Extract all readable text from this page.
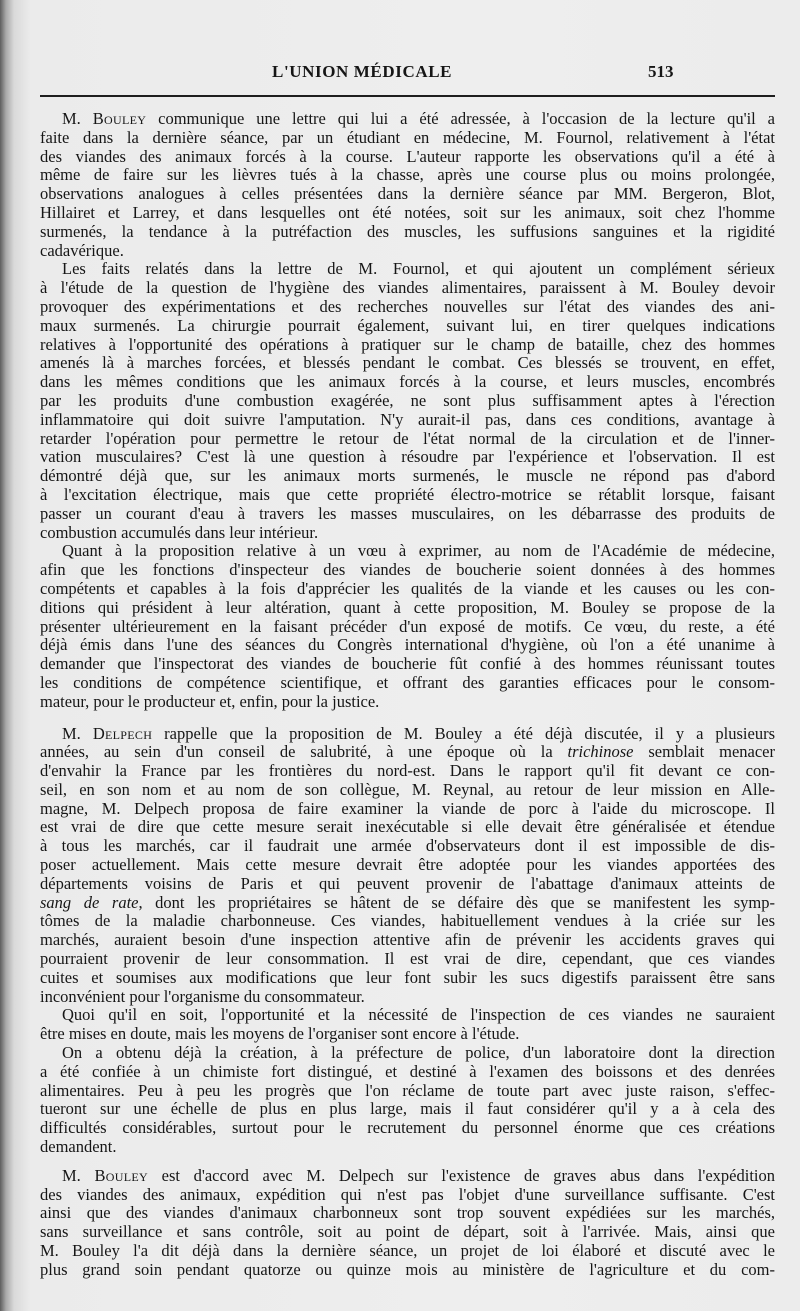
L'UNION MÉDICALE	513
M. Bouley communique une lettre qui lui a été adressée, à l'occasion de la lecture qu'il a
faite dans la dernière séance, par un étudiant en médecine, M. Fournol, relativement à l'état
des viandes des animaux forcés à la course. L'auteur rapporte les observations qu'il a été à
même de faire sur les lièvres tués à la chasse, après une course plus ou moins prolongée,
observations analogues à celles présentées dans la dernière séance par MM. Bergeron, Blot,
Hillairet et Larrey, et dans lesquelles ont été notées, soit sur les animaux, soit chez l'homme
surmenés, la tendance à la putréfaction des muscles, les suffusions sanguines et la rigidité
cadavérique.
Les faits relatés dans la lettre de M. Fournol, et qui ajoutent un complément sérieux
à l'étude de la question de l'hygiène des viandes alimentaires, paraissent à M. Bouley devoir
provoquer des expérimentations et des recherches nouvelles sur l'état des viandes des ani-
maux surmenés. La chirurgie pourrait également, suivant lui, en tirer quelques indications
relatives à l'opportunité des opérations à pratiquer sur le champ de bataille, chez des hommes
amenés là à marches forcées, et blessés pendant le combat. Ces blessés se trouvent, en effet,
dans les mêmes conditions que les animaux forcés à la course, et leurs muscles, encombrés
par les produits d'une combustion exagérée, ne sont plus suffisamment aptes à l'érection
inflammatoire qui doit suivre l'amputation. N'y aurait-il pas, dans ces conditions, avantage à
retarder l'opération pour permettre le retour de l'état normal de la circulation et de l'inner-
vation musculaires? C'est là une question à résoudre par l'expérience et l'observation. Il est
démontré déjà que, sur les animaux morts surmenés, le muscle ne répond pas d'abord
à l'excitation électrique, mais que cette propriété électro-motrice se rétablit lorsque, faisant
passer un courant d'eau à travers les masses musculaires, on les débarrasse des produits de
combustion accumulés dans leur intérieur.
Quant à la proposition relative à un vœu à exprimer, au nom de l'Académie de médecine,
afin que les fonctions d'inspecteur des viandes de boucherie soient données à des hommes
compétents et capables à la fois d'apprécier les qualités de la viande et les causes ou les con-
ditions qui président à leur altération, quant à cette proposition, M. Bouley se propose de la
présenter ultérieurement en la faisant précéder d'un exposé de motifs. Ce vœu, du reste, a été
déjà émis dans l'une des séances du Congrès international d'hygiène, où l'on a été unanime à
demander que l'inspectorat des viandes de boucherie fût confié à des hommes réunissant toutes
les conditions de compétence scientifique, et offrant des garanties efficaces pour le consom-
mateur, pour le producteur et, enfin, pour la justice.
M. Delpech rappelle que la proposition de M. Bouley a été déjà discutée, il y a plusieurs
années, au sein d'un conseil de salubrité, à une époque où la trichinose semblait menacer
d'envahir la France par les frontières du nord-est. Dans le rapport qu'il fit devant ce con-
seil, en son nom et au nom de son collègue, M. Reynal, au retour de leur mission en Alle-
magne, M. Delpech proposa de faire examiner la viande de porc à l'aide du microscope. Il
est vrai de dire que cette mesure serait inexécutable si elle devait être généralisée et étendue
à tous les marchés, car il faudrait une armée d'observateurs dont il est impossible de dis-
poser actuellement. Mais cette mesure devrait être adoptée pour les viandes apportées des
départements voisins de Paris et qui peuvent provenir de l'abattage d'animaux atteints de
sang de rate, dont les propriétaires se hâtent de se défaire dès que se manifestent les symp-
tômes de la maladie charbonneuse. Ces viandes, habituellement vendues à la criée sur les
marchés, auraient besoin d'une inspection attentive afin de prévenir les accidents graves qui
pourraient provenir de leur consommation. Il est vrai de dire, cependant, que ces viandes
cuites et soumises aux modifications que leur font subir les sucs digestifs paraissent être sans
inconvénient pour l'organisme du consommateur.
Quoi qu'il en soit, l'opportunité et la nécessité de l'inspection de ces viandes ne sauraient
être mises en doute, mais les moyens de l'organiser sont encore à l'étude.
On a obtenu déjà la création, à la préfecture de police, d'un laboratoire dont la direction
a été confiée à un chimiste fort distingué, et destiné à l'examen des boissons et des denrées
alimentaires. Peu à peu les progrès que l'on réclame de toute part avec juste raison, s'effec-
tueront sur une échelle de plus en plus large, mais il faut considérer qu'il y a à cela des
difficultés considérables, surtout pour le recrutement du personnel énorme que ces créations
demandent.
M. Bouley est d'accord avec M. Delpech sur l'existence de graves abus dans l'expédition
des viandes des animaux, expédition qui n'est pas l'objet d'une surveillance suffisante. C'est
ainsi que des viandes d'animaux charbonneux sont trop souvent expédiées sur les marchés,
sans surveillance et sans contrôle, soit au point de départ, soit à l'arrivée. Mais, ainsi que
M. Bouley l'a dit déjà dans la dernière séance, un projet de loi élaboré et discuté avec le
plus grand soin pendant quatorze ou quinze mois au ministère de l'agriculture et du com-
